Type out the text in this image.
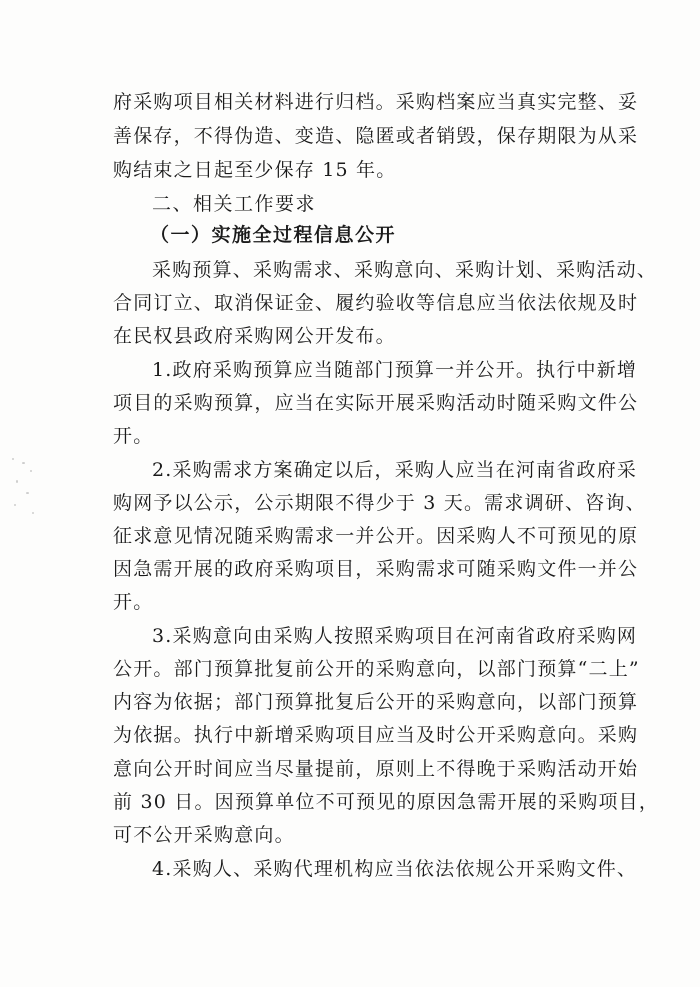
府采购项目相关材料进行归档。采购档案应当真实完整、妥
善保存，不得伪造、变造、隐匿或者销毁，保存期限为从采
购结束之日起至少保存 15 年。
二、相关工作要求
（一）实施全过程信息公开
采购预算、采购需求、采购意向、采购计划、采购活动、
合同订立、取消保证金、履约验收等信息应当依法依规及时
在民权县政府采购网公开发布。
1.政府采购预算应当随部门预算一并公开。执行中新增
项目的采购预算，应当在实际开展采购活动时随采购文件公
开。
2.采购需求方案确定以后，采购人应当在河南省政府采
购网予以公示，公示期限不得少于 3 天。需求调研、咨询、
征求意见情况随采购需求一并公开。因采购人不可预见的原
因急需开展的政府采购项目，采购需求可随采购文件一并公
开。
3.采购意向由采购人按照采购项目在河南省政府采购网
公开。部门预算批复前公开的采购意向，以部门预算“二上”
内容为依据；部门预算批复后公开的采购意向，以部门预算
为依据。执行中新增采购项目应当及时公开采购意向。采购
意向公开时间应当尽量提前，原则上不得晚于采购活动开始
前 30 日。因预算单位不可预见的原因急需开展的采购项目，
可不公开采购意向。
4.采购人、采购代理机构应当依法依规公开采购文件、
